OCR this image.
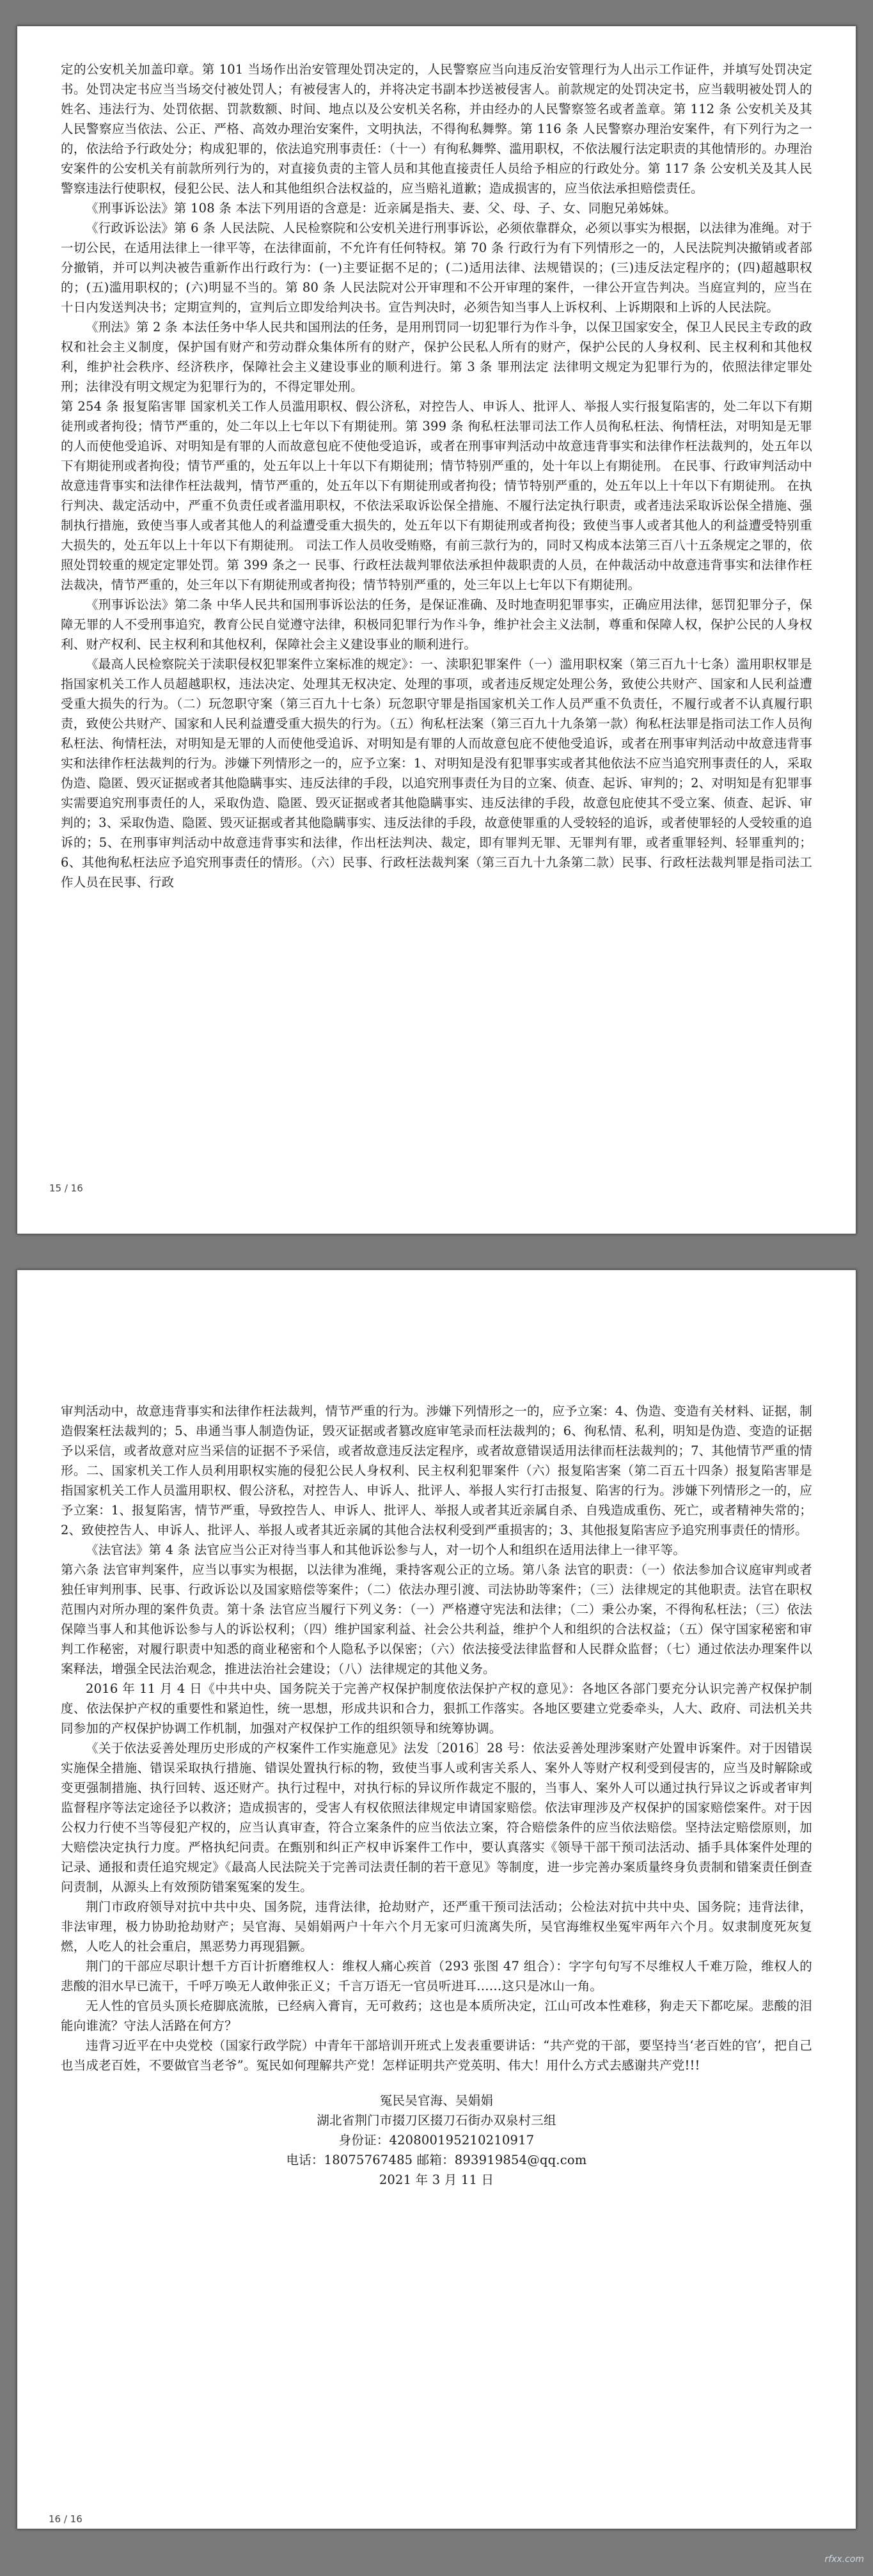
定的公安机关加盖印章。第 101 当场作出治安管理处罚决定的，人民警察应当向违反治安管理行为人出示工作证件，并填写处罚决定书。处罚决定书应当当场交付被处罚人；有被侵害人的，并将决定书副本抄送被侵害人。前款规定的处罚决定书，应当载明被处罚人的姓名、违法行为、处罚依据、罚款数额、时间、地点以及公安机关名称，并由经办的人民警察签名或者盖章。第 112 条 公安机关及其人民警察应当依法、公正、严格、高效办理治安案件，文明执法，不得徇私舞弊。第 116 条 人民警察办理治安案件，有下列行为之一的，依法给予行政处分；构成犯罪的，依法追究刑事责任：（十一）有徇私舞弊、滥用职权，不依法履行法定职责的其他情形的。办理治安案件的公安机关有前款所列行为的，对直接负责的主管人员和其他直接责任人员给予相应的行政处分。第 117 条 公安机关及其人民警察违法行使职权，侵犯公民、法人和其他组织合法权益的，应当赔礼道歉；造成损害的，应当依法承担赔偿责任。

《刑事诉讼法》第 108 条 本法下列用语的含意是：近亲属是指夫、妻、父、母、子、女、同胞兄弟姊妹。

《行政诉讼法》第 6 条 人民法院、人民检察院和公安机关进行刑事诉讼，必须依靠群众，必须以事实为根据，以法律为准绳。对于一切公民，在适用法律上一律平等，在法律面前，不允许有任何特权。第 70 条 行政行为有下列情形之一的，人民法院判决撤销或者部分撤销，并可以判决被告重新作出行政行为：(一)主要证据不足的；(二)适用法律、法规错误的；(三)违反法定程序的；(四)超越职权的；(五)滥用职权的；(六)明显不当的。第 80 条 人民法院对公开审理和不公开审理的案件，一律公开宣告判决。当庭宣判的，应当在十日内发送判决书；定期宣判的，宣判后立即发给判决书。宣告判决时，必须告知当事人上诉权利、上诉期限和上诉的人民法院。

《刑法》第 2 条 本法任务中华人民共和国刑法的任务，是用刑罚同一切犯罪行为作斗争，以保卫国家安全，保卫人民民主专政的政权和社会主义制度，保护国有财产和劳动群众集体所有的财产，保护公民私人所有的财产，保护公民的人身权利、民主权利和其他权利，维护社会秩序、经济秩序，保障社会主义建设事业的顺利进行。第 3 条 罪刑法定 法律明文规定为犯罪行为的，依照法律定罪处刑；法律没有明文规定为犯罪行为的，不得定罪处刑。

第 254 条 报复陷害罪 国家机关工作人员滥用职权、假公济私，对控告人、申诉人、批评人、举报人实行报复陷害的，处二年以下有期徒刑或者拘役；情节严重的，处二年以上七年以下有期徒刑。第 399 条 徇私枉法罪司法工作人员徇私枉法、徇情枉法，对明知是无罪的人而使他受追诉、对明知是有罪的人而故意包庇不使他受追诉，或者在刑事审判活动中故意违背事实和法律作枉法裁判的，处五年以下有期徒刑或者拘役；情节严重的，处五年以上十年以下有期徒刑；情节特别严重的，处十年以上有期徒刑。 在民事、行政审判活动中故意违背事实和法律作枉法裁判，情节严重的，处五年以下有期徒刑或者拘役；情节特别严重的，处五年以上十年以下有期徒刑。 在执行判决、裁定活动中，严重不负责任或者滥用职权，不依法采取诉讼保全措施、不履行法定执行职责，或者违法采取诉讼保全措施、强制执行措施，致使当事人或者其他人的利益遭受重大损失的，处五年以下有期徒刑或者拘役；致使当事人或者其他人的利益遭受特别重大损失的，处五年以上十年以下有期徒刑。 司法工作人员收受贿赂，有前三款行为的，同时又构成本法第三百八十五条规定之罪的，依照处罚较重的规定定罪处罚。第 399 条之一 民事、行政枉法裁判罪依法承担仲裁职责的人员，在仲裁活动中故意违背事实和法律作枉法裁决，情节严重的，处三年以下有期徒刑或者拘役；情节特别严重的，处三年以上七年以下有期徒刑。

《刑事诉讼法》第二条 中华人民共和国刑事诉讼法的任务，是保证准确、及时地查明犯罪事实，正确应用法律，惩罚犯罪分子，保障无罪的人不受刑事追究，教育公民自觉遵守法律，积极同犯罪行为作斗争，维护社会主义法制，尊重和保障人权，保护公民的人身权利、财产权利、民主权利和其他权利，保障社会主义建设事业的顺利进行。

《最高人民检察院关于渎职侵权犯罪案件立案标准的规定》：一、渎职犯罪案件（一）滥用职权案（第三百九十七条）滥用职权罪是指国家机关工作人员超越职权，违法决定、处理其无权决定、处理的事项，或者违反规定处理公务，致使公共财产、国家和人民利益遭受重大损失的行为。（二）玩忽职守案（第三百九十七条）玩忽职守罪是指国家机关工作人员严重不负责任，不履行或者不认真履行职责，致使公共财产、国家和人民利益遭受重大损失的行为。（五）徇私枉法案（第三百九十九条第一款）徇私枉法罪是指司法工作人员徇私枉法、徇情枉法，对明知是无罪的人而使他受追诉、对明知是有罪的人而故意包庇不使他受追诉，或者在刑事审判活动中故意违背事实和法律作枉法裁判的行为。涉嫌下列情形之一的，应予立案：1、对明知是没有犯罪事实或者其他依法不应当追究刑事责任的人，采取伪造、隐匿、毁灭证据或者其他隐瞒事实、违反法律的手段，以追究刑事责任为目的立案、侦查、起诉、审判的；2、对明知是有犯罪事实需要追究刑事责任的人，采取伪造、隐匿、毁灭证据或者其他隐瞒事实、违反法律的手段，故意包庇使其不受立案、侦查、起诉、审判的；3、采取伪造、隐匿、毁灭证据或者其他隐瞒事实、违反法律的手段，故意使罪重的人受较轻的追诉，或者使罪轻的人受较重的追诉的；5、在刑事审判活动中故意违背事实和法律，作出枉法判决、裁定，即有罪判无罪、无罪判有罪，或者重罪轻判、轻罪重判的；6、其他徇私枉法应予追究刑事责任的情形。（六）民事、行政枉法裁判案（第三百九十九条第二款）民事、行政枉法裁判罪是指司法工作人员在民事、行政

15 / 16

审判活动中，故意违背事实和法律作枉法裁判，情节严重的行为。涉嫌下列情形之一的，应予立案：4、伪造、变造有关材料、证据，制造假案枉法裁判的；5、串通当事人制造伪证，毁灭证据或者篡改庭审笔录而枉法裁判的；6、徇私情、私利，明知是伪造、变造的证据予以采信，或者故意对应当采信的证据不予采信，或者故意违反法定程序，或者故意错误适用法律而枉法裁判的；7、其他情节严重的情形。二、国家机关工作人员利用职权实施的侵犯公民人身权利、民主权利犯罪案件（六）报复陷害案（第二百五十四条）报复陷害罪是指国家机关工作人员滥用职权、假公济私，对控告人、申诉人、批评人、举报人实行打击报复、陷害的行为。涉嫌下列情形之一的，应予立案：1、报复陷害，情节严重，导致控告人、申诉人、批评人、举报人或者其近亲属自杀、自残造成重伤、死亡，或者精神失常的；2、致使控告人、申诉人、批评人、举报人或者其近亲属的其他合法权利受到严重损害的；3、其他报复陷害应予追究刑事责任的情形。

《法官法》第 4 条 法官应当公正对待当事人和其他诉讼参与人，对一切个人和组织在适用法律上一律平等。

第六条 法官审判案件，应当以事实为根据，以法律为准绳，秉持客观公正的立场。第八条 法官的职责：（一）依法参加合议庭审判或者独任审判刑事、民事、行政诉讼以及国家赔偿等案件；（二）依法办理引渡、司法协助等案件；（三）法律规定的其他职责。法官在职权范围内对所办理的案件负责。第十条 法官应当履行下列义务：（一）严格遵守宪法和法律；（二）秉公办案，不得徇私枉法；（三）依法保障当事人和其他诉讼参与人的诉讼权利；（四）维护国家利益、社会公共利益，维护个人和组织的合法权益；（五）保守国家秘密和审判工作秘密，对履行职责中知悉的商业秘密和个人隐私予以保密；（六）依法接受法律监督和人民群众监督；（七）通过依法办理案件以案释法，增强全民法治观念，推进法治社会建设；（八）法律规定的其他义务。

2016 年 11 月 4 日《中共中央、国务院关于完善产权保护制度依法保护产权的意见》：各地区各部门要充分认识完善产权保护制度、依法保护产权的重要性和紧迫性，统一思想，形成共识和合力，狠抓工作落实。各地区要建立党委牵头，人大、政府、司法机关共同参加的产权保护协调工作机制，加强对产权保护工作的组织领导和统筹协调。

《关于依法妥善处理历史形成的产权案件工作实施意见》法发〔2016〕28 号：依法妥善处理涉案财产处置申诉案件。对于因错误实施保全措施、错误采取执行措施、错误处置执行标的物，致使当事人或利害关系人、案外人等财产权利受到侵害的，应当及时解除或变更强制措施、执行回转、返还财产。执行过程中，对执行标的异议所作裁定不服的，当事人、案外人可以通过执行异议之诉或者审判监督程序等法定途径予以救济；造成损害的，受害人有权依照法律规定申请国家赔偿。依法审理涉及产权保护的国家赔偿案件。对于因公权力行使不当等侵犯产权的，应当认真审查，符合立案条件的应当依法立案，符合赔偿条件的应当依法赔偿。坚持法定赔偿原则，加大赔偿决定执行力度。严格执纪问责。在甄别和纠正产权申诉案件工作中，要认真落实《领导干部干预司法活动、插手具体案件处理的记录、通报和责任追究规定》《最高人民法院关于完善司法责任制的若干意见》等制度，进一步完善办案质量终身负责制和错案责任倒查问责制，从源头上有效预防错案冤案的发生。

荆门市政府领导对抗中共中央、国务院，违背法律，抢劫财产，还严重干预司法活动；公检法对抗中共中央、国务院；违背法律，非法审理，极力协助抢劫财产；吴官海、吴娟娟两户十年六个月无家可归流离失所，吴官海维权坐冤牢两年六个月。奴隶制度死灰复燃，人吃人的社会重启，黑恶势力再现猖獗。

荆门的干部应尽职计想千方百计折磨维权人：维权人痛心疾首（293 张图 47 组合）：字字句句写不尽维权人千难万险，维权人的悲酸的泪水早已流干，千呼万唤无人敢伸张正义；千言万语无一官员听进耳……这只是冰山一角。

无人性的官员头顶长疮脚底流脓，已经病入膏肓，无可救药；这也是本质所决定，江山可改本性难移，狗走天下都吃屎。悲酸的泪能向谁流？守法人活路在何方？

违背习近平在中央党校（国家行政学院）中青年干部培训开班式上发表重要讲话：“共产党的干部，要坚持当‘老百姓的官’，把自己也当成老百姓，不要做官当老爷”。冤民如何理解共产党！怎样证明共产党英明、伟大！用什么方式去感谢共产党!!!

冤民吴官海、吴娟娟
湖北省荆门市掇刀区掇刀石街办双泉村三组
身份证：420800195210210917
电话：18075767485 邮箱：893919854@qq.com
2021 年 3 月 11 日
16 / 16
rfxx.com
